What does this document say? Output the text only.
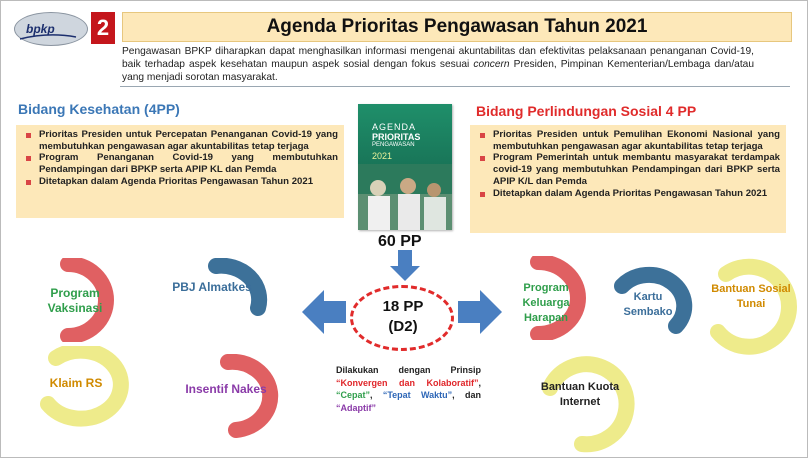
bpkp 2	Agenda Prioritas Pengawasan Tahun 2021
Pengawasan BPKP diharapkan dapat menghasilkan informasi mengenai akuntabilitas dan efektivitas pelaksanaan penanganan Covid-19, baik terhadap aspek kesehatan maupun aspek sosial dengan fokus sesuai concern Presiden, Pimpinan Kementerian/Lembaga dan/atau yang menjadi sorotan masyarakat.
Bidang Kesehatan (4PP)
Prioritas Presiden untuk Percepatan Penanganan Covid-19 yang membutuhkan pengawasan agar akuntabilitas tetap terjaga
Program Penanganan Covid-19 yang membutuhkan Pendampingan dari BPKP serta APIP KL dan Pemda
Ditetapkan dalam Agenda Prioritas Pengawasan Tahun 2021
Bidang Perlindungan Sosial 4 PP
Prioritas Presiden untuk Pemulihan Ekonomi Nasional yang membutuhkan pengawasan agar akuntabilitas tetap terjaga
Program Pemerintah untuk membantu masyarakat terdampak covid-19 yang membutuhkan Pendampingan dari BPKP serta APIP K/L dan Pemda
Ditetapkan dalam Agenda Prioritas Pengawasan Tahun 2021
AGENDA
PRIORITAS
PENGAWASAN
2021
60 PP
18 PP
(D2)
Dilakukan dengan Prinsip “Konvergen dan Kolaboratif”, “Cepat”, “Tepat Waktu”, dan “Adaptif”
Program Vaksinasi
PBJ Almatkes
Klaim RS	Insentif Nakes
Program Keluarga Harapan
Kartu Sembako
Bantuan Sosial Tunai
Bantuan Kuota Internet
